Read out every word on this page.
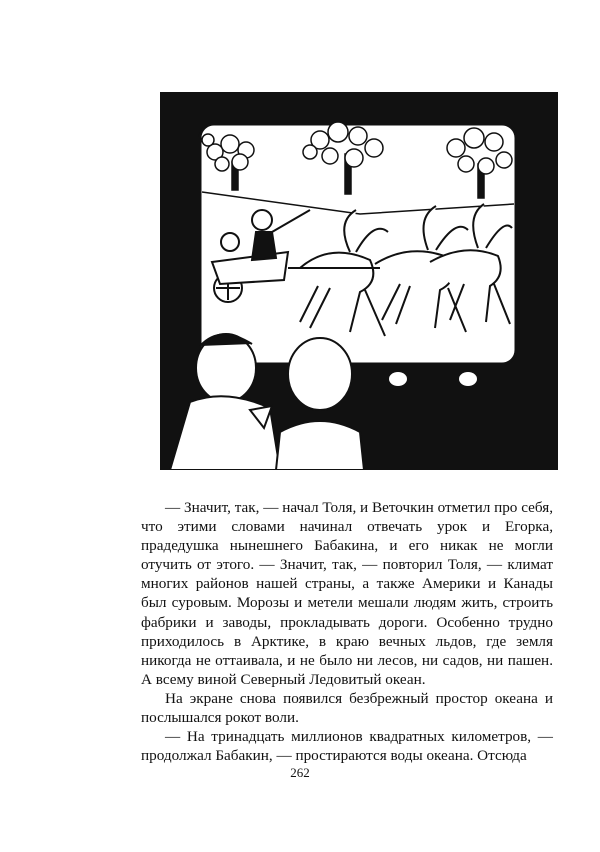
— Значит, так, — начал Толя, и Веточкин отметил про себя, что этими словами начинал отвечать урок и Егорка, прадедушка нынешнего Бабакина, и его никак не могли отучить от этого. — Значит, так, — повторил Толя, — климат многих районов нашей страны, а также Америки и Канады был суровым. Морозы и метели мешали людям жить, строить фабрики и заводы, прокладывать дороги. Особенно трудно приходилось в Арктике, в краю вечных льдов, где земля никогда не оттаивала, и не было ни лесов, ни садов, ни пашен. А всему виной Северный Ледовитый океан.

На экране снова появился безбрежный простор океана и послышался рокот воли.

— На тринадцать миллионов квадратных километров, — продолжал Бабакин, — простираются воды океана. Отсюда

262
